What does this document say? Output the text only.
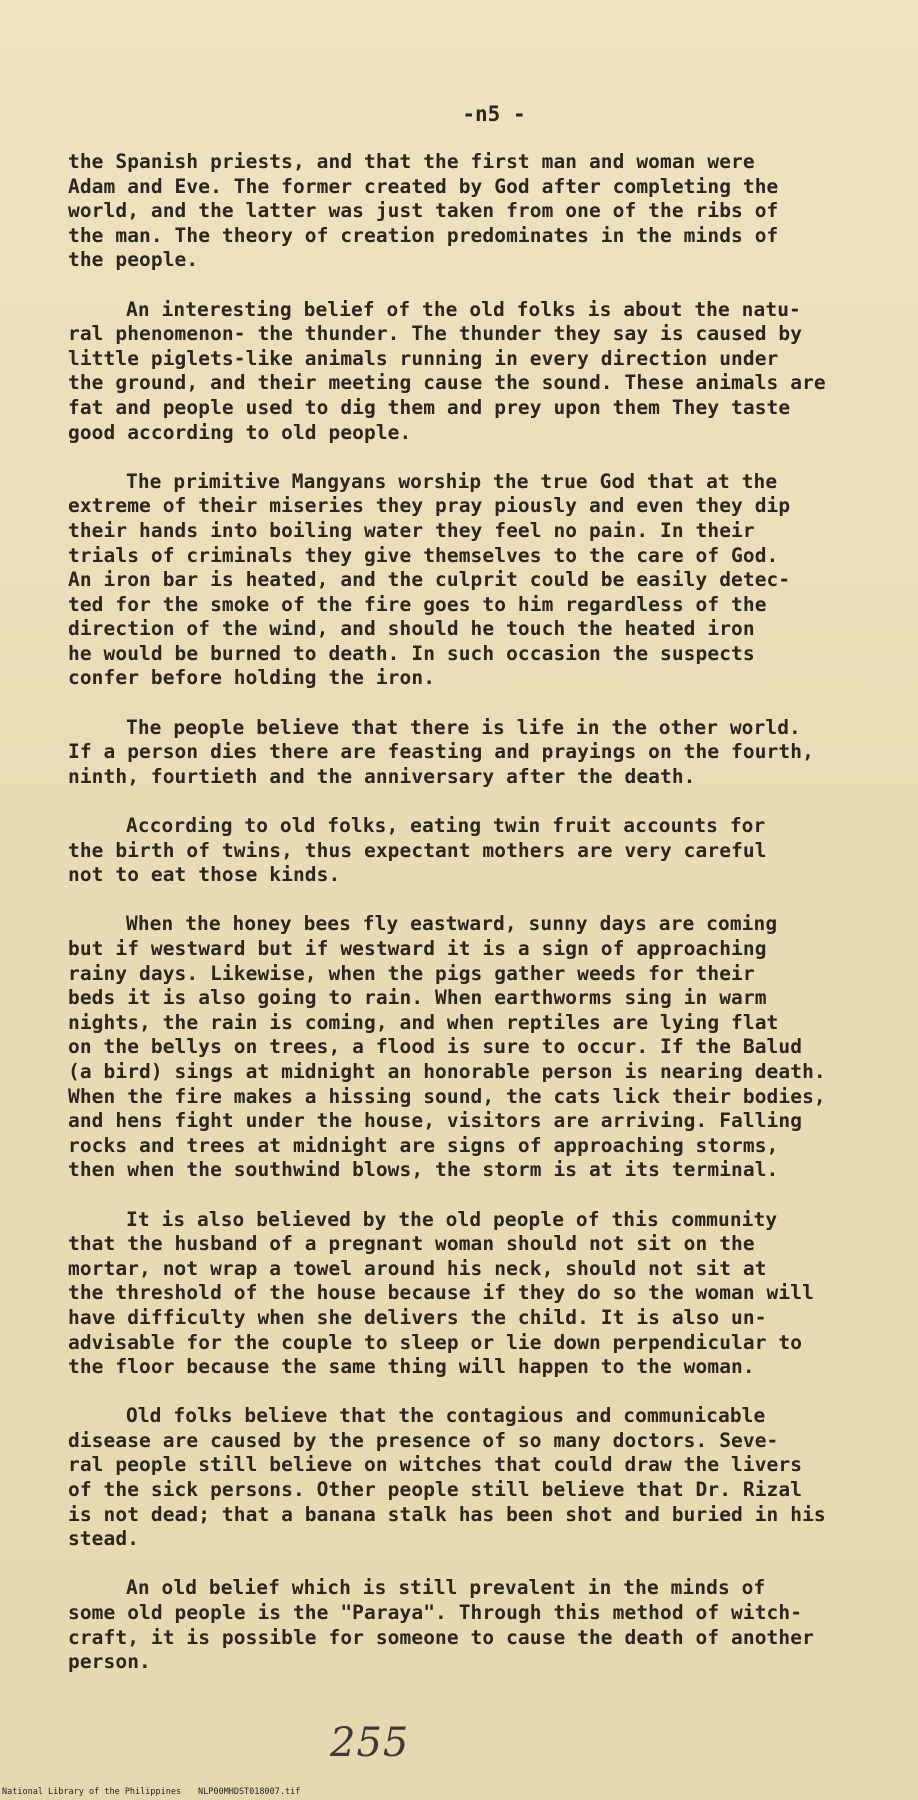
-n5 -
the Spanish priests, and that the first man and woman were
Adam and Eve. The former created by God after completing the
world, and the latter was just taken from one of the ribs of
the man. The theory of creation predominates in the minds of
the people.
An interesting belief of the old folks is about the natu-
ral phenomenon- the thunder. The thunder they say is caused by
little piglets-like animals running in every direction under
the ground, and their meeting cause the sound. These animals are
fat and people used to dig them and prey upon them They taste
good according to old people.
The primitive Mangyans worship the true God that at the
extreme of their miseries they pray piously and even they dip
their hands into boiling water they feel no pain. In their
trials of criminals they give themselves to the care of God.
An iron bar is heated, and the culprit could be easily detec-
ted for the smoke of the fire goes to him regardless of the
direction of the wind, and should he touch the heated iron
he would be burned to death. In such occasion the suspects
confer before holding the iron.
The people believe that there is life in the other world.
If a person dies there are feasting and prayings on the fourth,
ninth, fourtieth and the anniversary after the death.
According to old folks, eating twin fruit accounts for
the birth of twins, thus expectant mothers are very careful
not to eat those kinds.
When the honey bees fly eastward, sunny days are coming
but if westward but if westward it is a sign of approaching
rainy days. Likewise, when the pigs gather weeds for their
beds it is also going to rain. When earthworms sing in warm
nights, the rain is coming, and when reptiles are lying flat
on the bellys on trees, a flood is sure to occur. If the Balud
(a bird) sings at midnight an honorable person is nearing death.
When the fire makes a hissing sound, the cats lick their bodies,
and hens fight under the house, visitors are arriving. Falling
rocks and trees at midnight are signs of approaching storms,
then when the southwind blows, the storm is at its terminal.
It is also believed by the old people of this community
that the husband of a pregnant woman should not sit on the
mortar, not wrap a towel around his neck, should not sit at
the threshold of the house because if they do so the woman will
have difficulty when she delivers the child. It is also un-
advisable for the couple to sleep or lie down perpendicular to
the floor because the same thing will happen to the woman.
Old folks believe that the contagious and communicable
disease are caused by the presence of so many doctors. Seve-
ral people still believe on witches that could draw the livers
of the sick persons. Other people still believe that Dr. Rizal
is not dead; that a banana stalk has been shot and buried in his
stead.
An old belief which is still prevalent in the minds of
some old people is the "Paraya". Through this method of witch-
craft, it is possible for someone to cause the death of another
person.
255
National Library of the Philippines NLP00MHDST018007.tif
